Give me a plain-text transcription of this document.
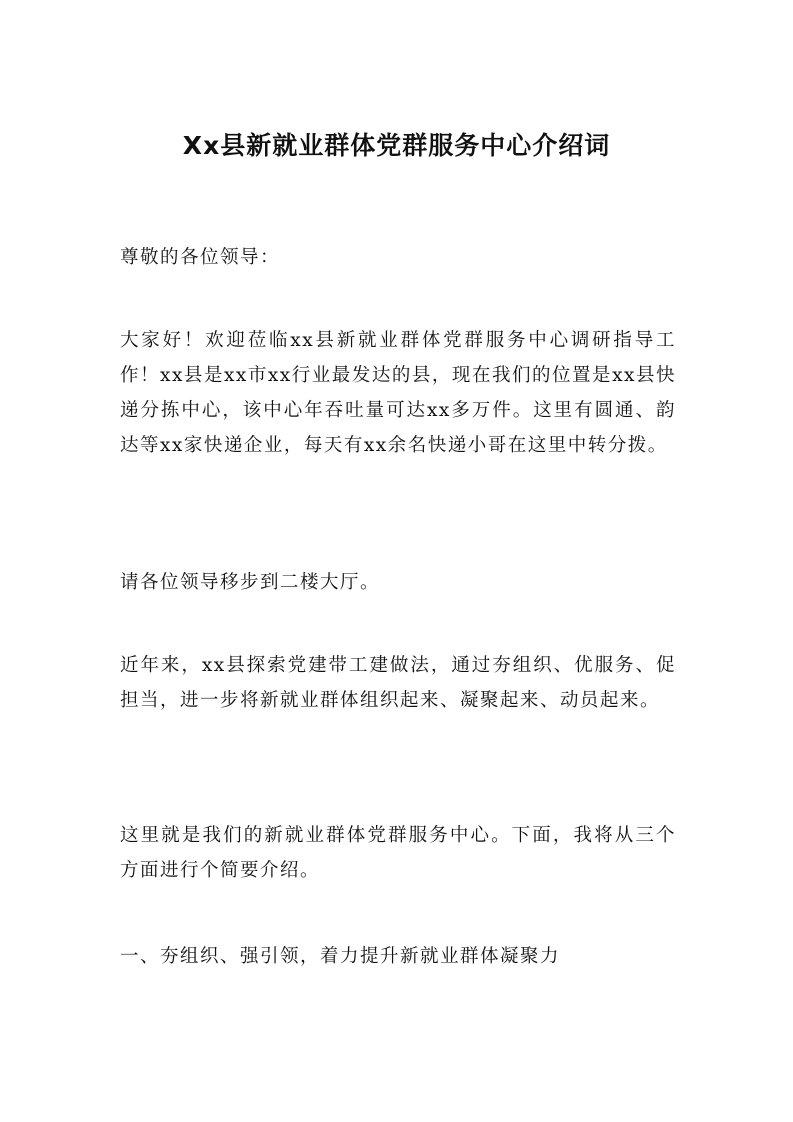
Xx县新就业群体党群服务中心介绍词

尊敬的各位领导：

大家好！欢迎莅临xx县新就业群体党群服务中心调研指导工作！xx县是xx市xx行业最发达的县，现在我们的位置是xx县快递分拣中心，该中心年吞吐量可达xx多万件。这里有圆通、韵达等xx家快递企业，每天有xx余名快递小哥在这里中转分拨。

请各位领导移步到二楼大厅。

近年来，xx县探索党建带工建做法，通过夯组织、优服务、促担当，进一步将新就业群体组织起来、凝聚起来、动员起来。

这里就是我们的新就业群体党群服务中心。下面，我将从三个方面进行个简要介绍。

一、夯组织、强引领，着力提升新就业群体凝聚力
